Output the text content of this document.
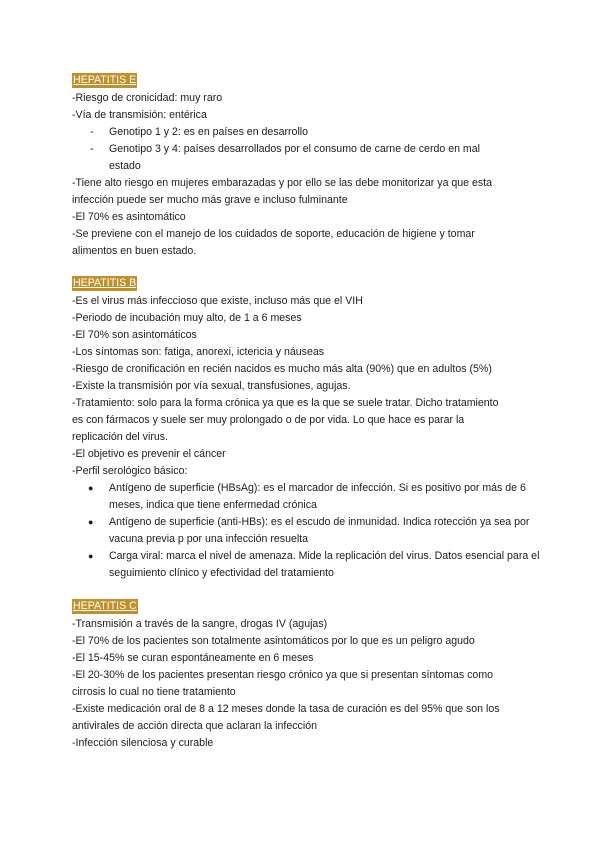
HEPATITIS E
-Riesgo de cronicidad: muy raro
-Vía de transmisión: entérica
- Genotipo 1 y 2: es en países en desarrollo
- Genotipo 3 y 4: países desarrollados por el consumo de carne de cerdo en mal estado
-Tiene alto riesgo en mujeres embarazadas y por ello se las debe monitorizar ya que esta
infección puede ser mucho más grave e incluso fulminante
-El 70% es asintomático
-Se previene con el manejo de los cuidados de soporte, educación de higiene y tomar
alimentos en buen estado.
HEPATITIS B
-Es el virus más infeccioso que existe, incluso más que el VIH
-Periodo de incubación muy alto, de 1 a 6 meses
-El 70% son asintomáticos
-Los síntomas son: fatiga, anorexi, ictericia y náuseas
-Riesgo de cronificación en recién nacidos es mucho más alta (90%) que en adultos (5%)
-Existe la transmisión por vía sexual, transfusiones, agujas.
-Tratamiento: solo para la forma crónica ya que es la que se suele tratar. Dicho tratamiento
es con fármacos y suele ser muy prolongado o de por vida. Lo que hace es parar la
replicación del virus.
-El objetivo es prevenir el cáncer
-Perfil serológico básico:
● Antígeno de superficie (HBsAg): es el marcador de infección. Si es positivo por más de 6 meses, indica que tiene enfermedad crónica
● Antígeno de superficie (anti-HBs): es el escudo de inmunidad. Indica rotección ya sea por vacuna previa p por una infección resuelta
● Carga viral: marca el nivel de amenaza. Mide la replicación del virus. Datos esencial para el seguimiento clínico y efectividad del tratamiento
HEPATITIS C
-Transmisión a través de la sangre, drogas IV (agujas)
-El 70% de los pacientes son totalmente asintomáticos por lo que es un peligro agudo
-El 15-45% se curan espontáneamente en 6 meses
-El 20-30% de los pacientes presentan riesgo crónico ya que si presentan síntomas como
cirrosis lo cual no tiene tratamiento
-Existe medicación oral de 8 a 12 meses donde la tasa de curación es del 95% que son los
antivirales de acción directa que aclaran la infección
-Infección silenciosa y curable
